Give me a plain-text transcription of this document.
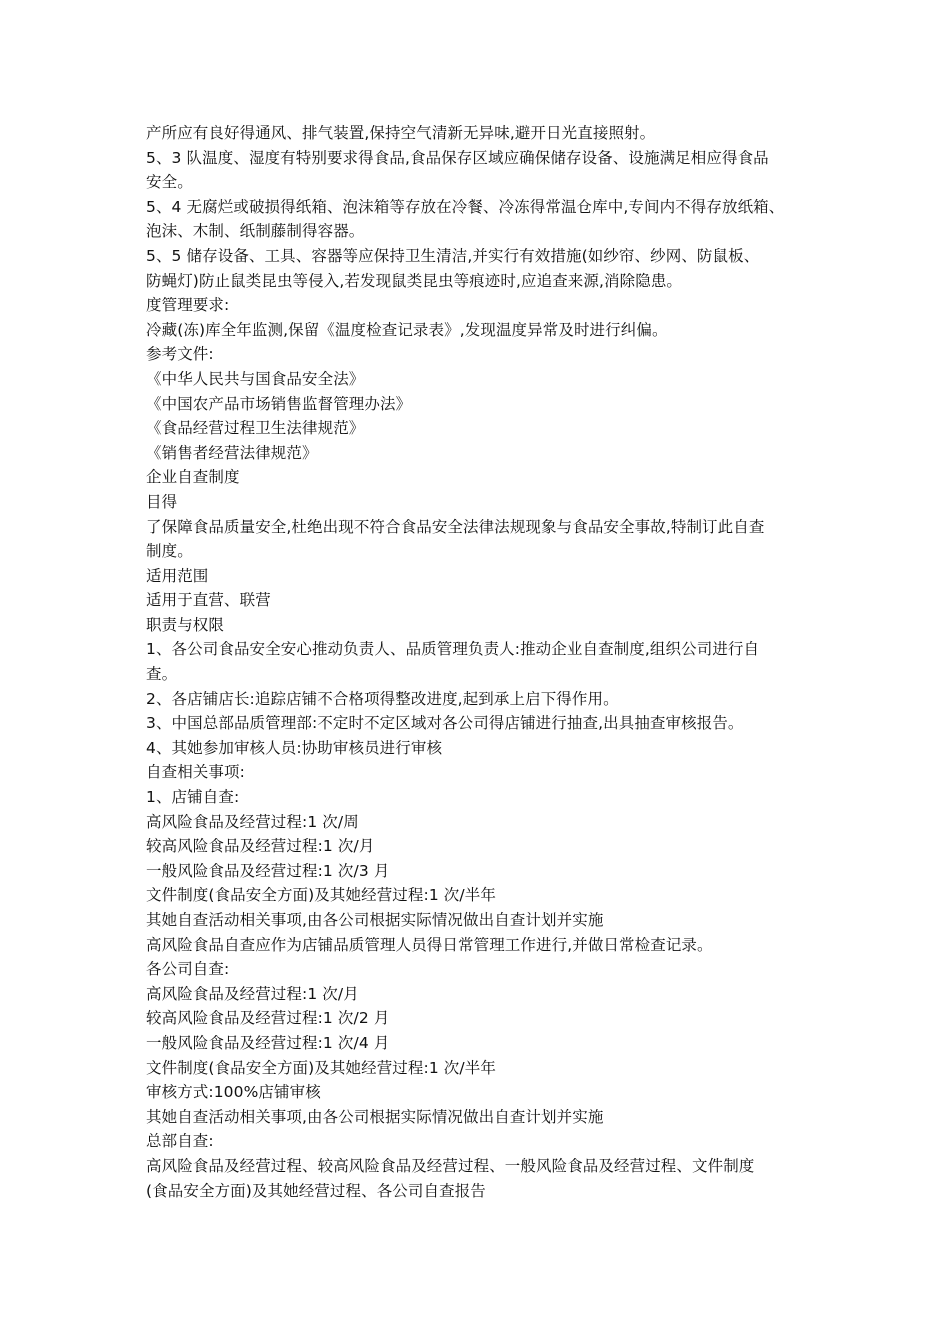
产所应有良好得通风、排气装置,保持空气清新无异味,避开日光直接照射。
5、3 队温度、湿度有特别要求得食品,食品保存区域应确保储存设备、设施满足相应得食品
安全。
5、4 无腐烂或破损得纸箱、泡沫箱等存放在冷餐、冷冻得常温仓库中,专间内不得存放纸箱、
泡沫、木制、纸制藤制得容器。
5、5 储存设备、工具、容器等应保持卫生清洁,并实行有效措施(如纱帘、纱网、防鼠板、
防蝇灯)防止鼠类昆虫等侵入,若发现鼠类昆虫等痕迹时,应追查来源,消除隐患。
度管理要求:
冷藏(冻)库全年监测,保留《温度检查记录表》,发现温度异常及时进行纠偏。
参考文件:
《中华人民共与国食品安全法》
《中国农产品市场销售监督管理办法》
《食品经营过程卫生法律规范》
《销售者经营法律规范》
企业自查制度
目得
了保障食品质量安全,杜绝出现不符合食品安全法律法规现象与食品安全事故,特制订此自查
制度。
适用范围
适用于直营、联营
职责与权限
1、各公司食品安全安心推动负责人、品质管理负责人:推动企业自查制度,组织公司进行自
查。
2、各店铺店长:追踪店铺不合格项得整改进度,起到承上启下得作用。
3、中国总部品质管理部:不定时不定区域对各公司得店铺进行抽查,出具抽查审核报告。
4、其她参加审核人员:协助审核员进行审核
自查相关事项:
1、店铺自查:
高风险食品及经营过程:1 次/周
较高风险食品及经营过程:1 次/月
一般风险食品及经营过程:1 次/3 月
文件制度(食品安全方面)及其她经营过程:1 次/半年
其她自查活动相关事项,由各公司根据实际情况做出自查计划并实施
高风险食品自查应作为店铺品质管理人员得日常管理工作进行,并做日常检查记录。
各公司自查:
高风险食品及经营过程:1 次/月
较高风险食品及经营过程:1 次/2 月
一般风险食品及经营过程:1 次/4 月
文件制度(食品安全方面)及其她经营过程:1 次/半年
审核方式:100%店铺审核
其她自查活动相关事项,由各公司根据实际情况做出自查计划并实施
总部自查:
高风险食品及经营过程、较高风险食品及经营过程、一般风险食品及经营过程、文件制度
(食品安全方面)及其她经营过程、各公司自查报告
